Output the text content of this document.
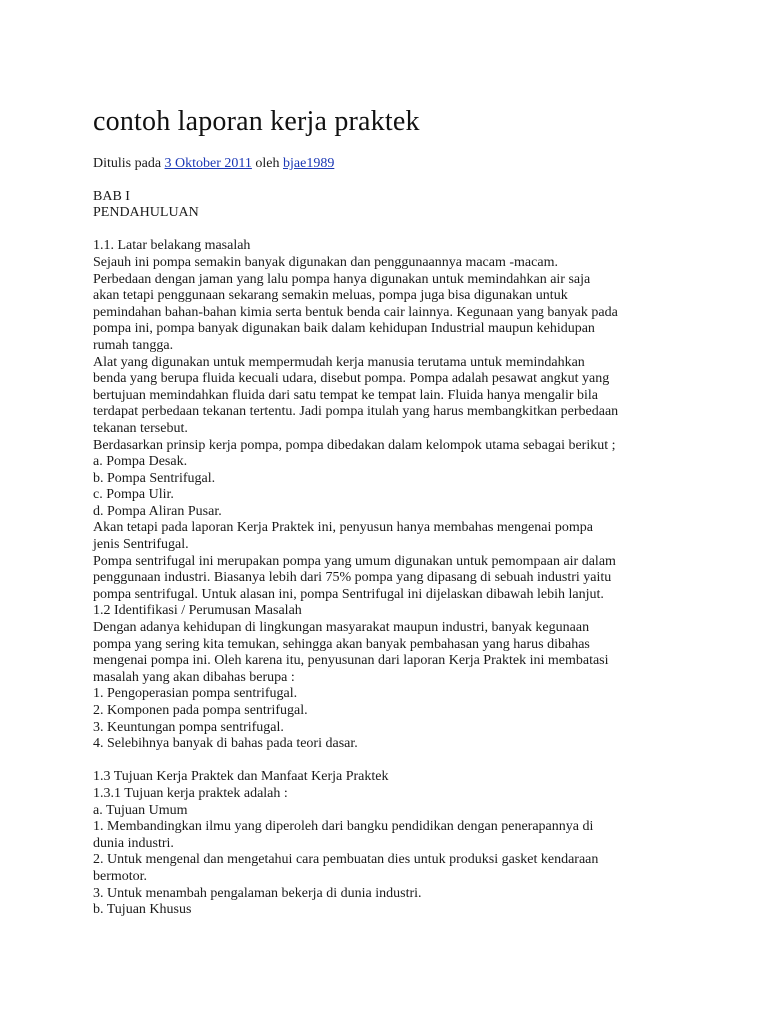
contoh laporan kerja praktek
Ditulis pada 3 Oktober 2011 oleh bjae1989
BAB I
PENDAHULUAN
1.1. Latar belakang masalah
Sejauh ini pompa semakin banyak digunakan dan penggunaannya macam -macam.
Perbedaan dengan jaman yang lalu pompa hanya digunakan untuk memindahkan air saja
akan tetapi penggunaan sekarang semakin meluas, pompa juga bisa digunakan untuk
pemindahan bahan-bahan kimia serta bentuk benda cair lainnya. Kegunaan yang banyak pada
pompa ini, pompa banyak digunakan baik dalam kehidupan Industrial maupun kehidupan
rumah tangga.
Alat yang digunakan untuk mempermudah kerja manusia terutama untuk memindahkan
benda yang berupa fluida kecuali udara, disebut pompa. Pompa adalah pesawat angkut yang
bertujuan memindahkan fluida dari satu tempat ke tempat lain. Fluida hanya mengalir bila
terdapat perbedaan tekanan tertentu. Jadi pompa itulah yang harus membangkitkan perbedaan
tekanan tersebut.
Berdasarkan prinsip kerja pompa, pompa dibedakan dalam kelompok utama sebagai berikut ;
a. Pompa Desak.
b. Pompa Sentrifugal.
c. Pompa Ulir.
d. Pompa Aliran Pusar.
Akan tetapi pada laporan Kerja Praktek ini, penyusun hanya membahas mengenai pompa
jenis Sentrifugal.
Pompa sentrifugal ini merupakan pompa yang umum digunakan untuk pemompaan air dalam
penggunaan industri. Biasanya lebih dari 75% pompa yang dipasang di sebuah industri yaitu
pompa sentrifugal. Untuk alasan ini, pompa Sentrifugal ini dijelaskan dibawah lebih lanjut.
1.2 Identifikasi / Perumusan Masalah
Dengan adanya kehidupan di lingkungan masyarakat maupun industri, banyak kegunaan
pompa yang sering kita temukan, sehingga akan banyak pembahasan yang harus dibahas
mengenai pompa ini. Oleh karena itu, penyusunan dari laporan Kerja Praktek ini membatasi
masalah yang akan dibahas berupa :
1. Pengoperasian pompa sentrifugal.
2. Komponen pada pompa sentrifugal.
3. Keuntungan pompa sentrifugal.
4. Selebihnya banyak di bahas pada teori dasar.
1.3 Tujuan Kerja Praktek dan Manfaat Kerja Praktek
1.3.1 Tujuan kerja praktek adalah :
a. Tujuan Umum
1. Membandingkan ilmu yang diperoleh dari bangku pendidikan dengan penerapannya di
dunia industri.
2. Untuk mengenal dan mengetahui cara pembuatan dies untuk produksi gasket kendaraan
bermotor.
3. Untuk menambah pengalaman bekerja di dunia industri.
b. Tujuan Khusus
